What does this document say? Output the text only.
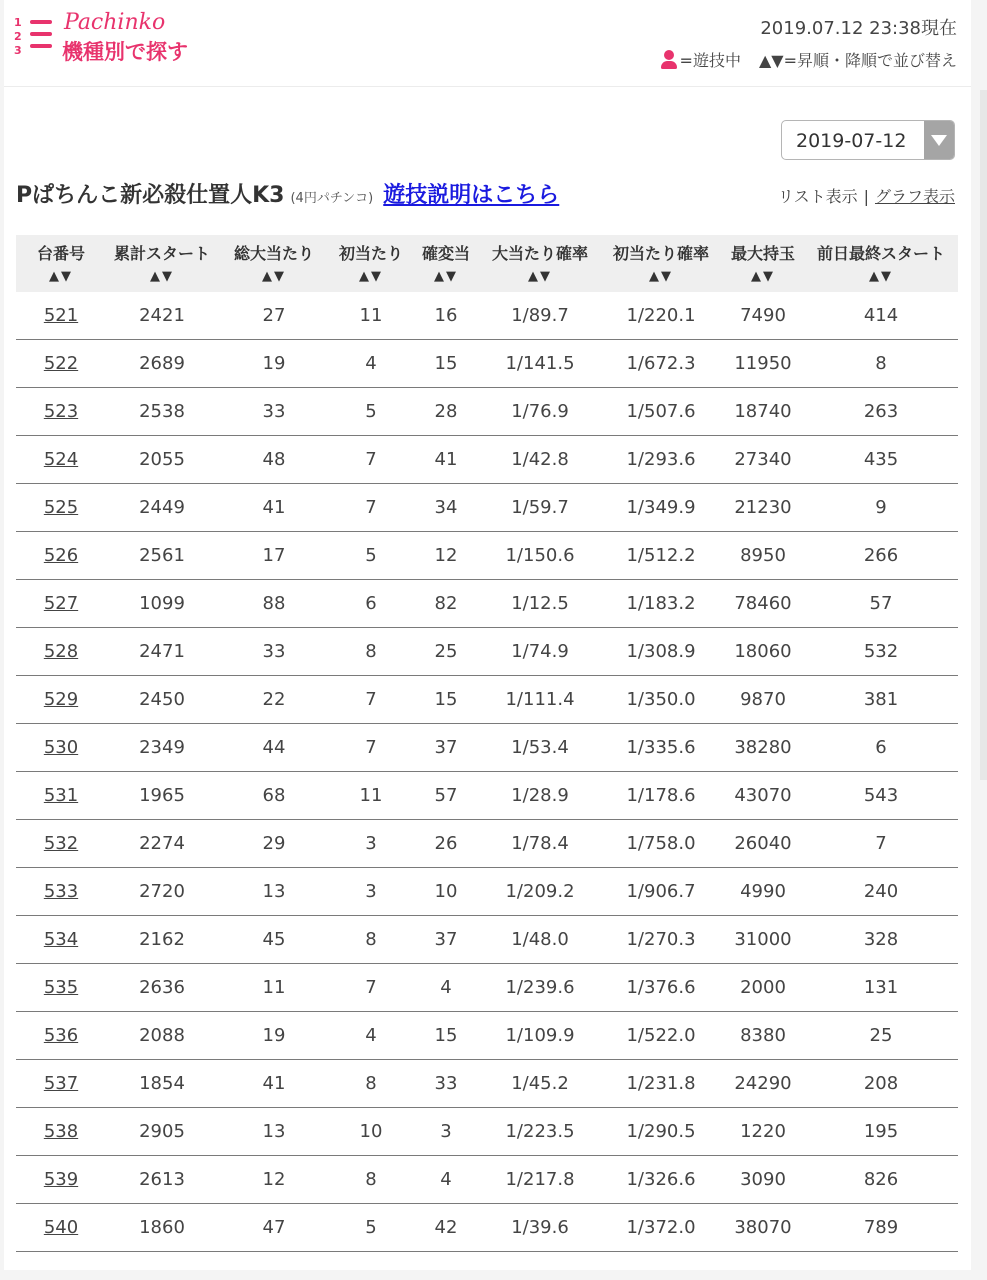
1
2
3
Pachinko
機種別で探す
2019.07.12 23:38現在
=遊技中 ▲▼=昇順・降順で並び替え
2019-07-12
Pぱちんこ新必殺仕置人K3 (4円パチンコ) 遊技説明はこちら	リスト表示 | グラフ表示
台番号	累計スタート	総大当たり	初当たり	確変当	大当たり確率	初当たり確率	最大持玉	前日最終スタート
▲▼	▲▼	▲▼	▲▼	▲▼	▲▼	▲▼	▲▼	▲▼
521	2421	27	11	16	1/89.7	1/220.1	7490	414
522	2689	19	4	15	1/141.5	1/672.3	11950	8
523	2538	33	5	28	1/76.9	1/507.6	18740	263
524	2055	48	7	41	1/42.8	1/293.6	27340	435
525	2449	41	7	34	1/59.7	1/349.9	21230	9
526	2561	17	5	12	1/150.6	1/512.2	8950	266
527	1099	88	6	82	1/12.5	1/183.2	78460	57
528	2471	33	8	25	1/74.9	1/308.9	18060	532
529	2450	22	7	15	1/111.4	1/350.0	9870	381
530	2349	44	7	37	1/53.4	1/335.6	38280	6
531	1965	68	11	57	1/28.9	1/178.6	43070	543
532	2274	29	3	26	1/78.4	1/758.0	26040	7
533	2720	13	3	10	1/209.2	1/906.7	4990	240
534	2162	45	8	37	1/48.0	1/270.3	31000	328
535	2636	11	7	4	1/239.6	1/376.6	2000	131
536	2088	19	4	15	1/109.9	1/522.0	8380	25
537	1854	41	8	33	1/45.2	1/231.8	24290	208
538	2905	13	10	3	1/223.5	1/290.5	1220	195
539	2613	12	8	4	1/217.8	1/326.6	3090	826
540	1860	47	5	42	1/39.6	1/372.0	38070	789
